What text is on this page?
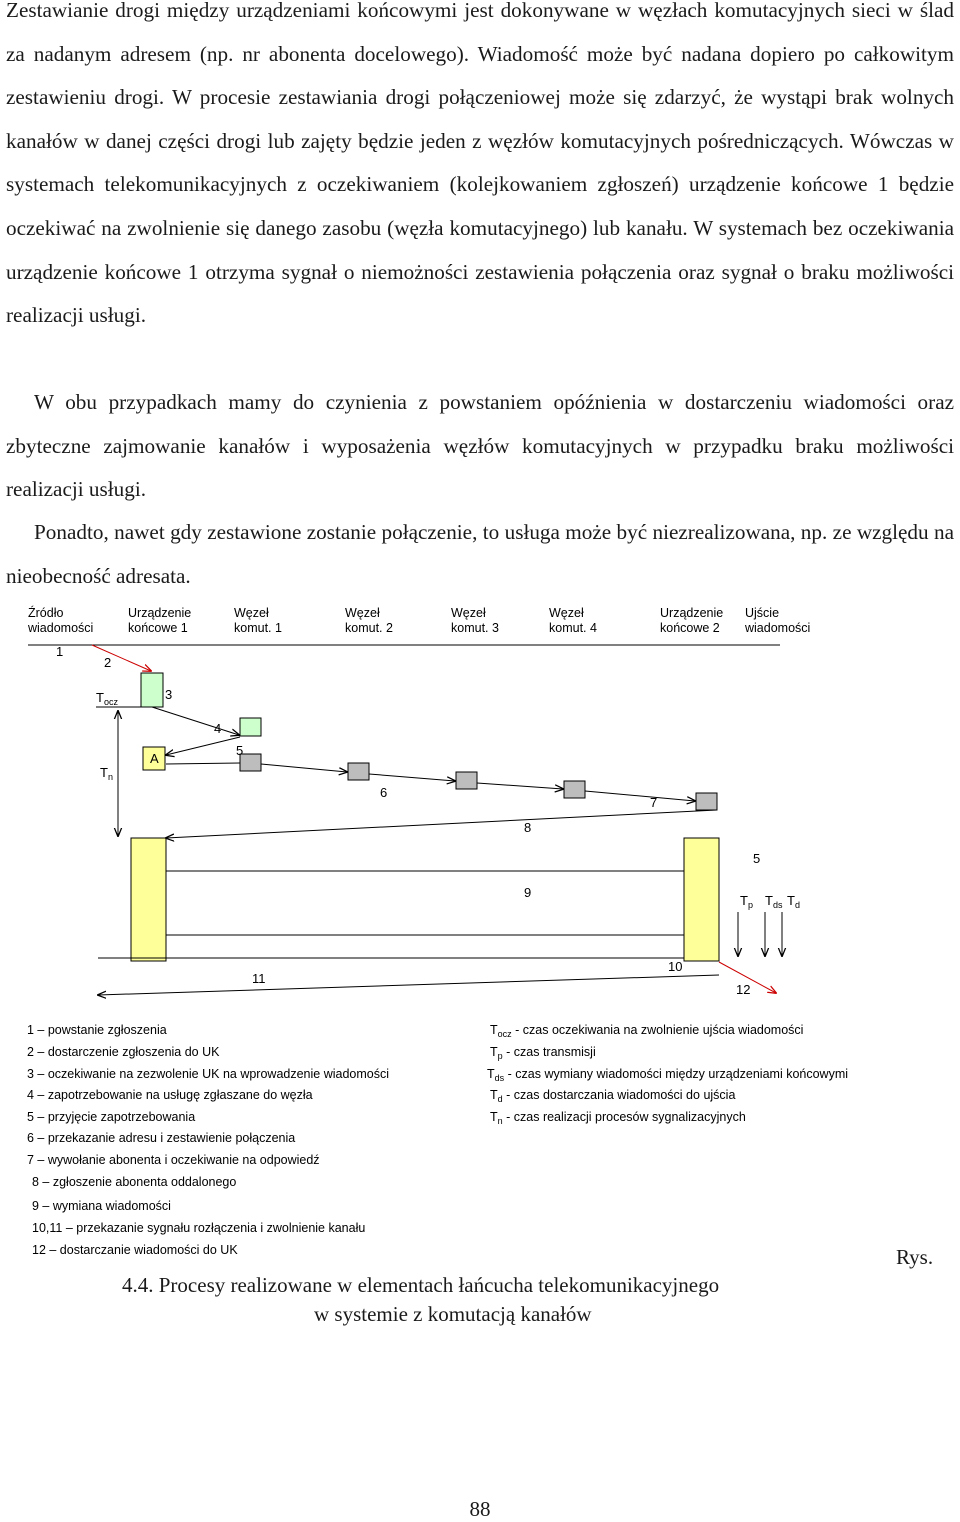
Zestawianie drogi między urządzeniami końcowymi jest dokonywane w węzłach komutacyjnych sieci w ślad za nadanym adresem (np. nr abonenta docelowego). Wiadomość może być nadana dopiero po całkowitym zestawieniu drogi. W procesie zestawiania drogi połączeniowej może się zdarzyć, że wystąpi brak wolnych kanałów w danej części drogi lub zajęty będzie jeden z węzłów komutacyjnych pośredniczących. Wówczas w systemach telekomunikacyjnych z oczekiwaniem (kolejkowaniem zgłoszeń) urządzenie końcowe 1 będzie oczekiwać na zwolnienie się danego zasobu (węzła komutacyjnego) lub kanału. W systemach bez oczekiwania urządzenie końcowe 1 otrzyma sygnał o niemożności zestawienia połączenia oraz sygnał o braku możliwości realizacji usługi.

W obu przypadkach mamy do czynienia z powstaniem opóźnienia w dostarczeniu wiadomości oraz zbyteczne zajmowanie kanałów i wyposażenia węzłów komutacyjnych w przypadku braku możliwości realizacji usługi.

Ponadto, nawet gdy zestawione zostanie połączenie, to usługa może być niezrealizowana, np. ze względu na nieobecność adresata.

Źródło
wiadomości
Urządzenie
końcowe 1
Węzeł
komut. 1
Węzeł
komut. 2
Węzeł
komut. 3
Węzeł
komut. 4
Urządzenie
końcowe 2
Ujście
wiadomości
1
2
3
4
5
A
6
7
8
5
9
10
11
12
$T_{ocz}$
$T_n$
$T_p$ $T_{ds}$ $T_d$
1 – powstanie zgłoszenia
2 – dostarczenie zgłoszenia do UK
3 – oczekiwanie na zezwolenie UK na wprowadzenie wiadomości
4 – zapotrzebowanie na usługę zgłaszane do węzła
5 – przyjęcie zapotrzebowania
6 – przekazanie adresu i zestawienie połączenia
7 – wywołanie abonenta i oczekiwanie na odpowiedź
8 – zgłoszenie abonenta oddalonego
9 – wymiana wiadomości
10,11 – przekazanie sygnału rozłączenia i zwolnienie kanału
12 – dostarczanie wiadomości do UK
$T_{ocz}$ - czas oczekiwania na zwolnienie ujścia wiadomości
$T_p$ - czas transmisji
$T_{ds}$ - czas wymiany wiadomości między urządzeniami końcowymi
$T_d$ - czas dostarczania wiadomości do ujścia
$T_n$ - czas realizacji procesów sygnalizacyjnych
Rys.
4.4. Procesy realizowane w elementach łańcucha telekomunikacyjnego
w systemie z komutacją kanałów
88
